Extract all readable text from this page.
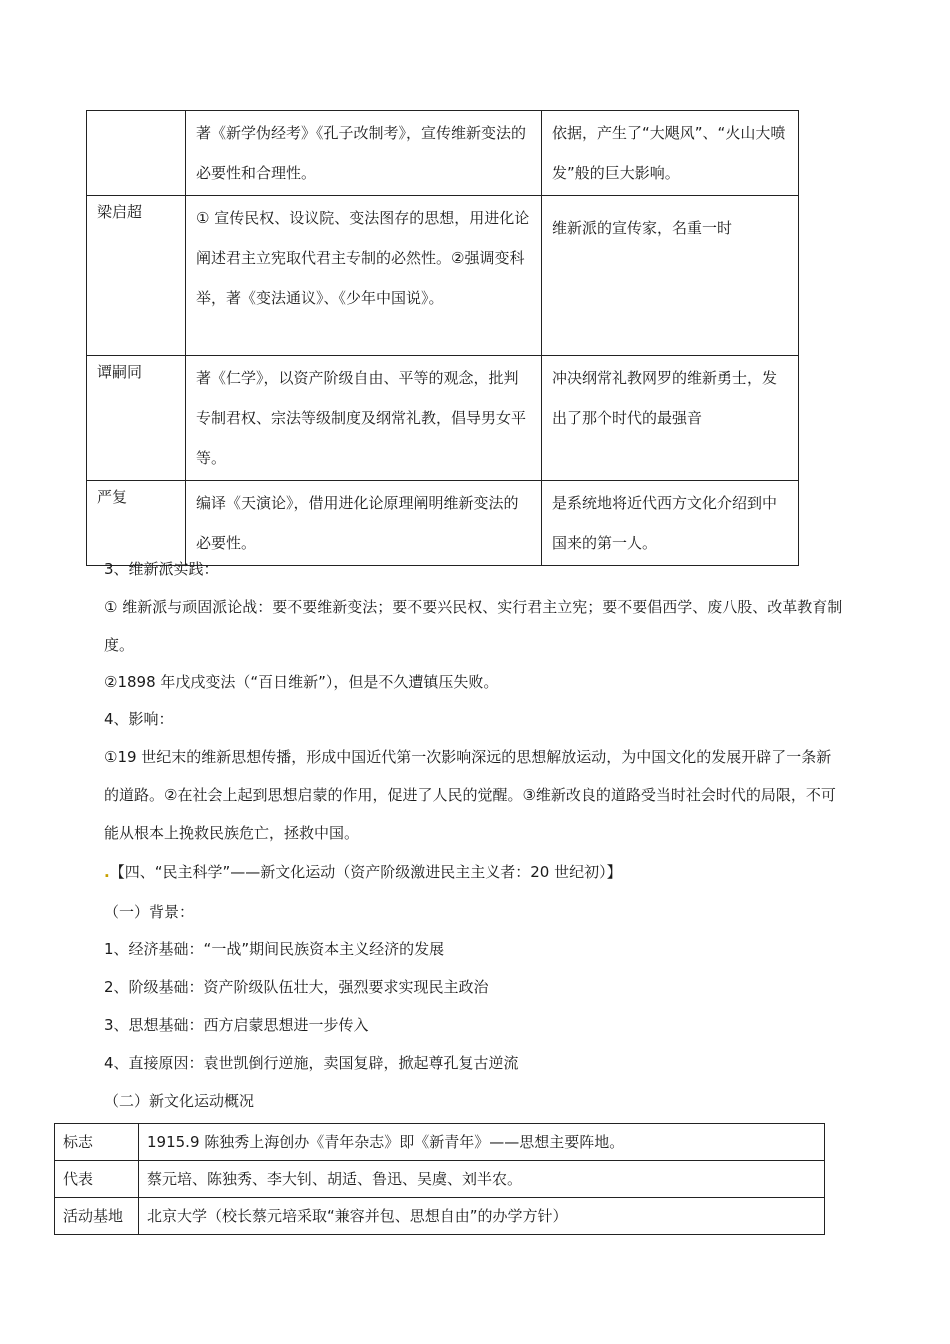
	著《新学伪经考》《孔子改制考》，宣传维新变法的必要性和合理性。	依据，产生了“大飓风”、“火山大喷发”般的巨大影响。
梁启超	① 宣传民权、设议院、变法图存的思想，用进化论阐述君主立宪取代君主专制的必然性。②强调变科举，著《变法通议》、《少年中国说》。	维新派的宣传家，名重一时
谭嗣同	著《仁学》，以资产阶级自由、平等的观念，批判专制君权、宗法等级制度及纲常礼教，倡导男女平等。	冲决纲常礼教网罗的维新勇士，发出了那个时代的最强音
严复	编译《天演论》，借用进化论原理阐明维新变法的必要性。	是系统地将近代西方文化介绍到中国来的第一人。
3、维新派实践：
① 维新派与顽固派论战：要不要维新变法；要不要兴民权、实行君主立宪；要不要倡西学、废八股、改革教育制度。
②1898 年戊戌变法（“百日维新”），但是不久遭镇压失败。
4、影响：
①19 世纪末的维新思想传播，形成中国近代第一次影响深远的思想解放运动，为中国文化的发展开辟了一条新的道路。②在社会上起到思想启蒙的作用，促进了人民的觉醒。③维新改良的道路受当时社会时代的局限，不可能从根本上挽救民族危亡，拯救中国。
.【四、“民主科学”——新文化运动（资产阶级激进民主主义者：20 世纪初）】
（一）背景：
1、经济基础：“一战”期间民族资本主义经济的发展
2、阶级基础：资产阶级队伍壮大，强烈要求实现民主政治
3、思想基础：西方启蒙思想进一步传入
4、直接原因：袁世凯倒行逆施，卖国复辟，掀起尊孔复古逆流
（二）新文化运动概况
标志	1915.9 陈独秀上海创办《青年杂志》即《新青年》——思想主要阵地。
代表	蔡元培、陈独秀、李大钊、胡适、鲁迅、吴虞、刘半农。
活动基地	北京大学（校长蔡元培采取“兼容并包、思想自由”的办学方针）
